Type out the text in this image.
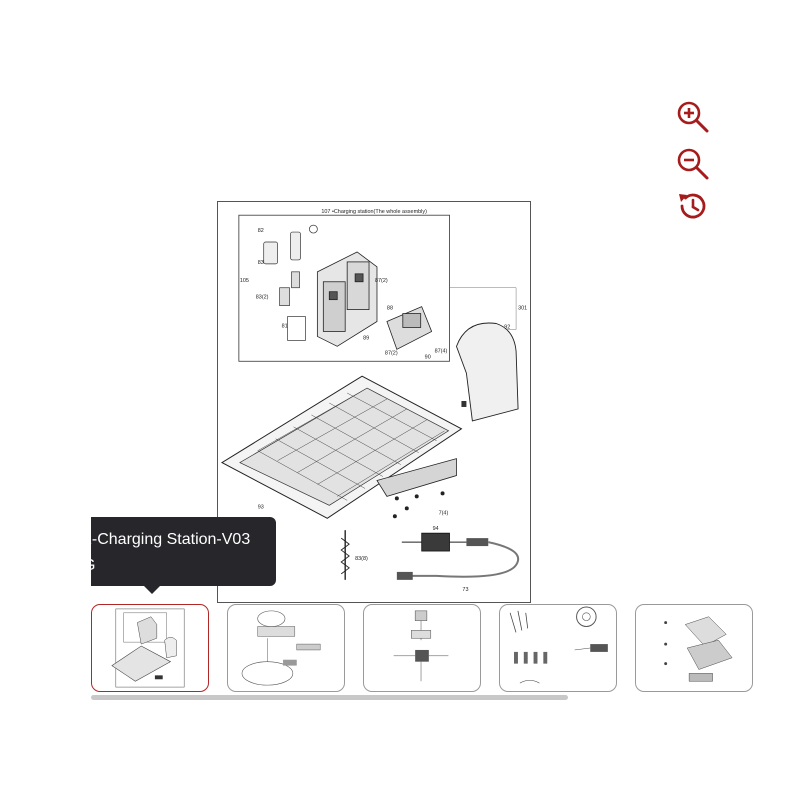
107 •Charging station(The whole assembly)
82
83
105
83(2)
81
87(2)
88
89
87(2)
90
87(4)
301
92
93
7(4)
94
83(8)
73
1-Charging Station-V03
G
